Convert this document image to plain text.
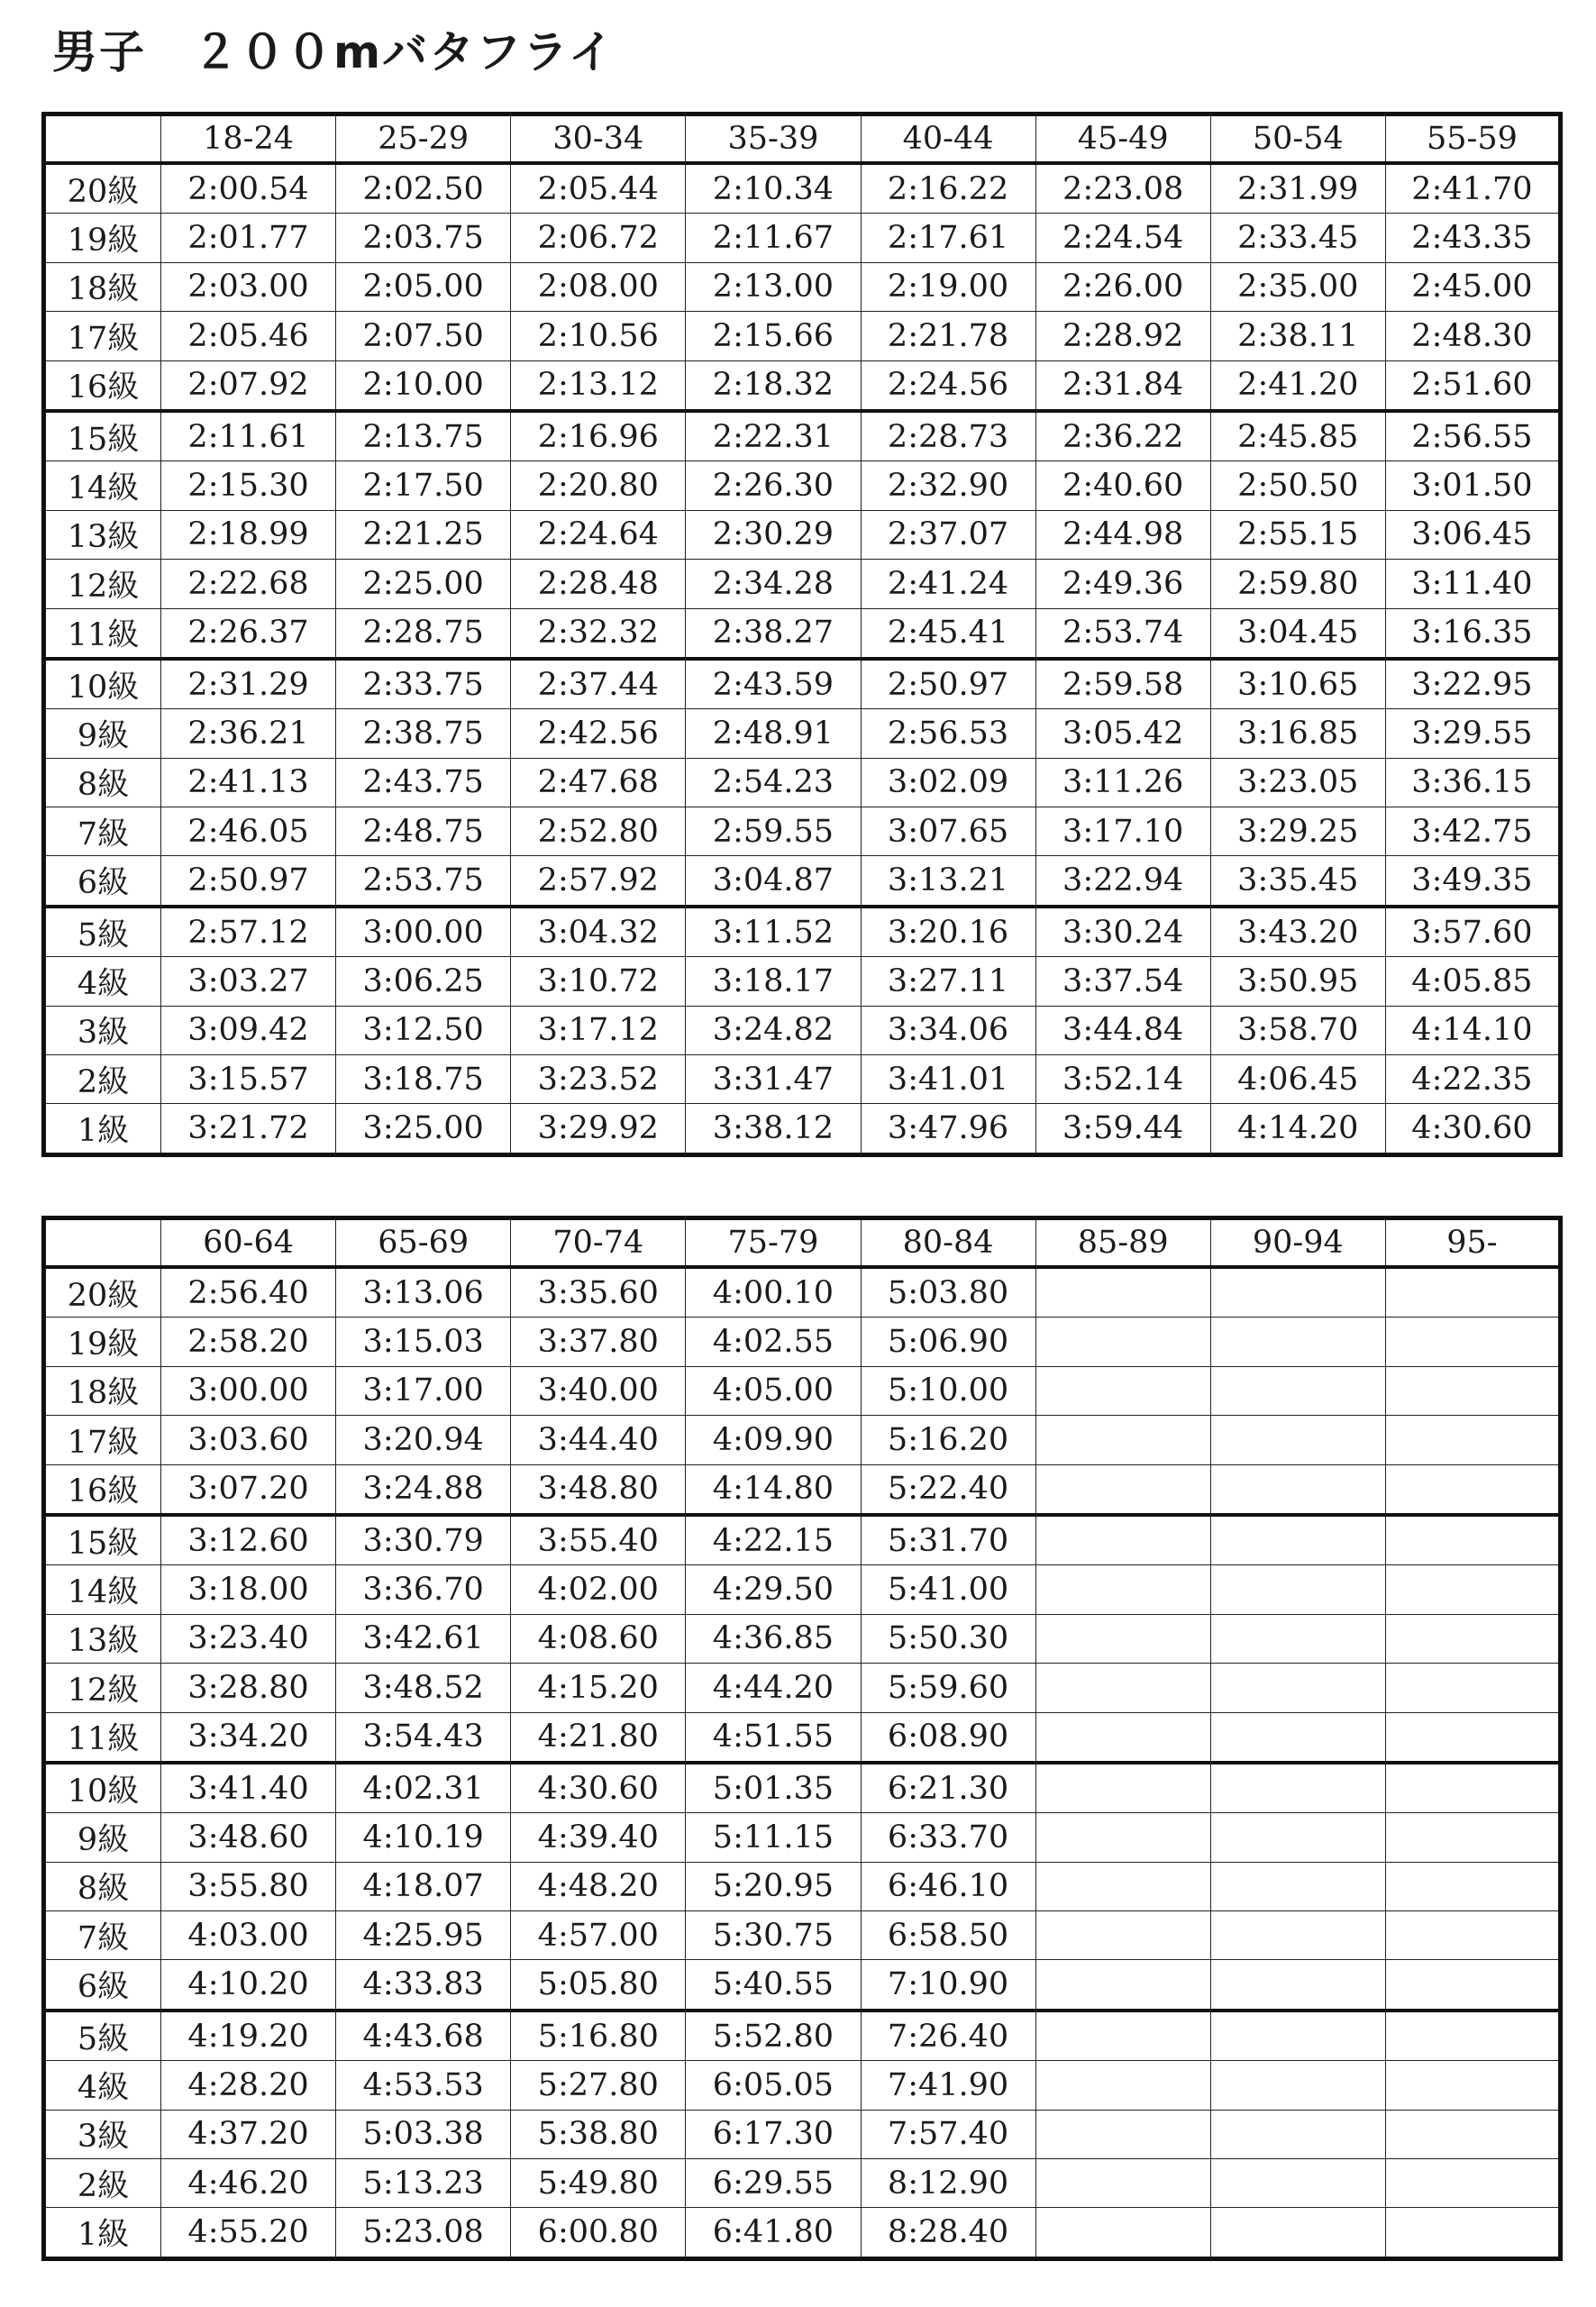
男子　２００mバタフライ
	18-24	25-29	30-34	35-39	40-44	45-49	50-54	55-59
20級	2:00.54	2:02.50	2:05.44	2:10.34	2:16.22	2:23.08	2:31.99	2:41.70
19級	2:01.77	2:03.75	2:06.72	2:11.67	2:17.61	2:24.54	2:33.45	2:43.35
18級	2:03.00	2:05.00	2:08.00	2:13.00	2:19.00	2:26.00	2:35.00	2:45.00
17級	2:05.46	2:07.50	2:10.56	2:15.66	2:21.78	2:28.92	2:38.11	2:48.30
16級	2:07.92	2:10.00	2:13.12	2:18.32	2:24.56	2:31.84	2:41.20	2:51.60
15級	2:11.61	2:13.75	2:16.96	2:22.31	2:28.73	2:36.22	2:45.85	2:56.55
14級	2:15.30	2:17.50	2:20.80	2:26.30	2:32.90	2:40.60	2:50.50	3:01.50
13級	2:18.99	2:21.25	2:24.64	2:30.29	2:37.07	2:44.98	2:55.15	3:06.45
12級	2:22.68	2:25.00	2:28.48	2:34.28	2:41.24	2:49.36	2:59.80	3:11.40
11級	2:26.37	2:28.75	2:32.32	2:38.27	2:45.41	2:53.74	3:04.45	3:16.35
10級	2:31.29	2:33.75	2:37.44	2:43.59	2:50.97	2:59.58	3:10.65	3:22.95
9級	2:36.21	2:38.75	2:42.56	2:48.91	2:56.53	3:05.42	3:16.85	3:29.55
8級	2:41.13	2:43.75	2:47.68	2:54.23	3:02.09	3:11.26	3:23.05	3:36.15
7級	2:46.05	2:48.75	2:52.80	2:59.55	3:07.65	3:17.10	3:29.25	3:42.75
6級	2:50.97	2:53.75	2:57.92	3:04.87	3:13.21	3:22.94	3:35.45	3:49.35
5級	2:57.12	3:00.00	3:04.32	3:11.52	3:20.16	3:30.24	3:43.20	3:57.60
4級	3:03.27	3:06.25	3:10.72	3:18.17	3:27.11	3:37.54	3:50.95	4:05.85
3級	3:09.42	3:12.50	3:17.12	3:24.82	3:34.06	3:44.84	3:58.70	4:14.10
2級	3:15.57	3:18.75	3:23.52	3:31.47	3:41.01	3:52.14	4:06.45	4:22.35
1級	3:21.72	3:25.00	3:29.92	3:38.12	3:47.96	3:59.44	4:14.20	4:30.60
	60-64	65-69	70-74	75-79	80-84	85-89	90-94	95-
20級	2:56.40	3:13.06	3:35.60	4:00.10	5:03.80			
19級	2:58.20	3:15.03	3:37.80	4:02.55	5:06.90			
18級	3:00.00	3:17.00	3:40.00	4:05.00	5:10.00			
17級	3:03.60	3:20.94	3:44.40	4:09.90	5:16.20			
16級	3:07.20	3:24.88	3:48.80	4:14.80	5:22.40			
15級	3:12.60	3:30.79	3:55.40	4:22.15	5:31.70			
14級	3:18.00	3:36.70	4:02.00	4:29.50	5:41.00			
13級	3:23.40	3:42.61	4:08.60	4:36.85	5:50.30			
12級	3:28.80	3:48.52	4:15.20	4:44.20	5:59.60			
11級	3:34.20	3:54.43	4:21.80	4:51.55	6:08.90			
10級	3:41.40	4:02.31	4:30.60	5:01.35	6:21.30			
9級	3:48.60	4:10.19	4:39.40	5:11.15	6:33.70			
8級	3:55.80	4:18.07	4:48.20	5:20.95	6:46.10			
7級	4:03.00	4:25.95	4:57.00	5:30.75	6:58.50			
6級	4:10.20	4:33.83	5:05.80	5:40.55	7:10.90			
5級	4:19.20	4:43.68	5:16.80	5:52.80	7:26.40			
4級	4:28.20	4:53.53	5:27.80	6:05.05	7:41.90			
3級	4:37.20	5:03.38	5:38.80	6:17.30	7:57.40			
2級	4:46.20	5:13.23	5:49.80	6:29.55	8:12.90			
1級	4:55.20	5:23.08	6:00.80	6:41.80	8:28.40			
